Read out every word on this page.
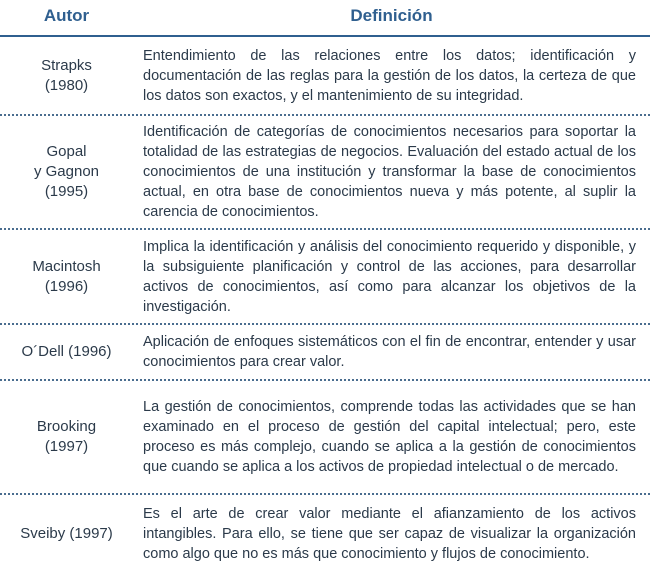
Autor	Definición
Strapks
(1980)
Entendimiento de las relaciones entre los datos; identificación y documentación de las reglas para la gestión de los datos, la certeza de que los datos son exactos, y el mantenimiento de su integridad.
Gopal
y Gagnon
(1995)
Identificación de categorías de conocimientos necesarios para soportar la totalidad de las estrategias de negocios. Evaluación del estado actual de los conocimientos de una institución y transformar la base de conocimientos actual, en otra base de conocimientos nueva y más potente, al suplir la carencia de conocimientos.
Macintosh
(1996)
Implica la identificación y análisis del conocimiento requerido y disponible, y la subsiguiente planificación y control de las acciones, para desarrollar activos de conocimientos, así como para alcanzar los objetivos de la investigación.
O´Dell (1996)
Aplicación de enfoques sistemáticos con el fin de encontrar, entender y usar conocimientos para crear valor.
Brooking
(1997)
La gestión de conocimientos, comprende todas las actividades que se han examinado en el proceso de gestión del capital intelectual; pero, este proceso es más complejo, cuando se aplica a la gestión de conocimientos que cuando se aplica a los activos de propiedad intelectual o de mercado.
Sveiby (1997)
Es el arte de crear valor mediante el afianzamiento de los activos intangibles. Para ello, se tiene que ser capaz de visualizar la organización como algo que no es más que conocimiento y flujos de conocimiento.
